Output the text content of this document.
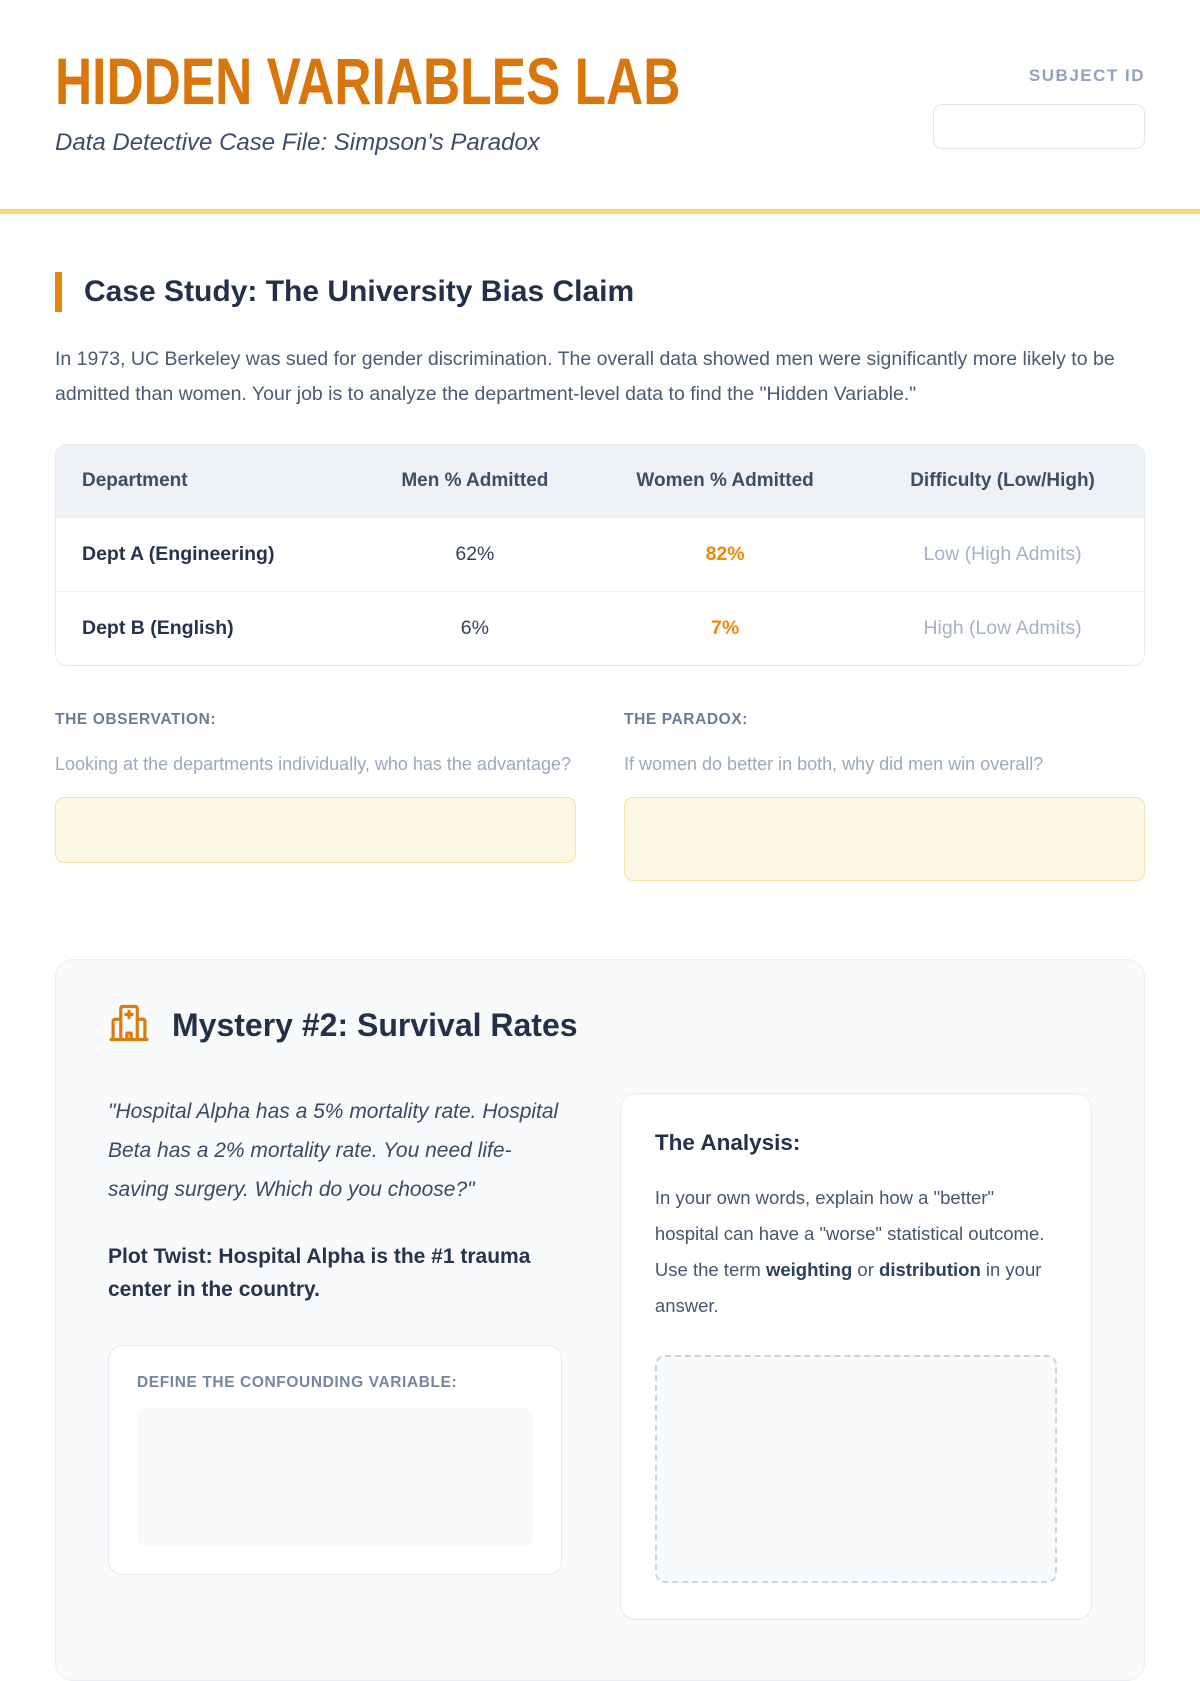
HIDDEN VARIABLES LAB

Data Detective Case File: Simpson's Paradox

SUBJECT ID
Case Study: The University Bias Claim

In 1973, UC Berkeley was sued for gender discrimination. The overall data showed men were significantly more likely to be admitted than women. Your job is to analyze the department-level data to find the "Hidden Variable."

Department	Men % Admitted	Women % Admitted	Difficulty (Low/High)
Dept A (Engineering)	62%	82%	Low (High Admits)
Dept B (English)	6%	7%	High (Low Admits)
THE OBSERVATION:
Looking at the departments individually, who has the advantage?
THE PARADOX:
If women do better in both, why did men win overall?
Mystery #2: Survival Rates

"Hospital Alpha has a 5% mortality rate. Hospital Beta has a 2% mortality rate. You need life-saving surgery. Which do you choose?"

Plot Twist: Hospital Alpha is the #1 trauma center in the country.

DEFINE THE CONFOUNDING VARIABLE:
The Analysis:

In your own words, explain how a "better" hospital can have a "worse" statistical outcome. Use the term weighting or distribution in your answer.
